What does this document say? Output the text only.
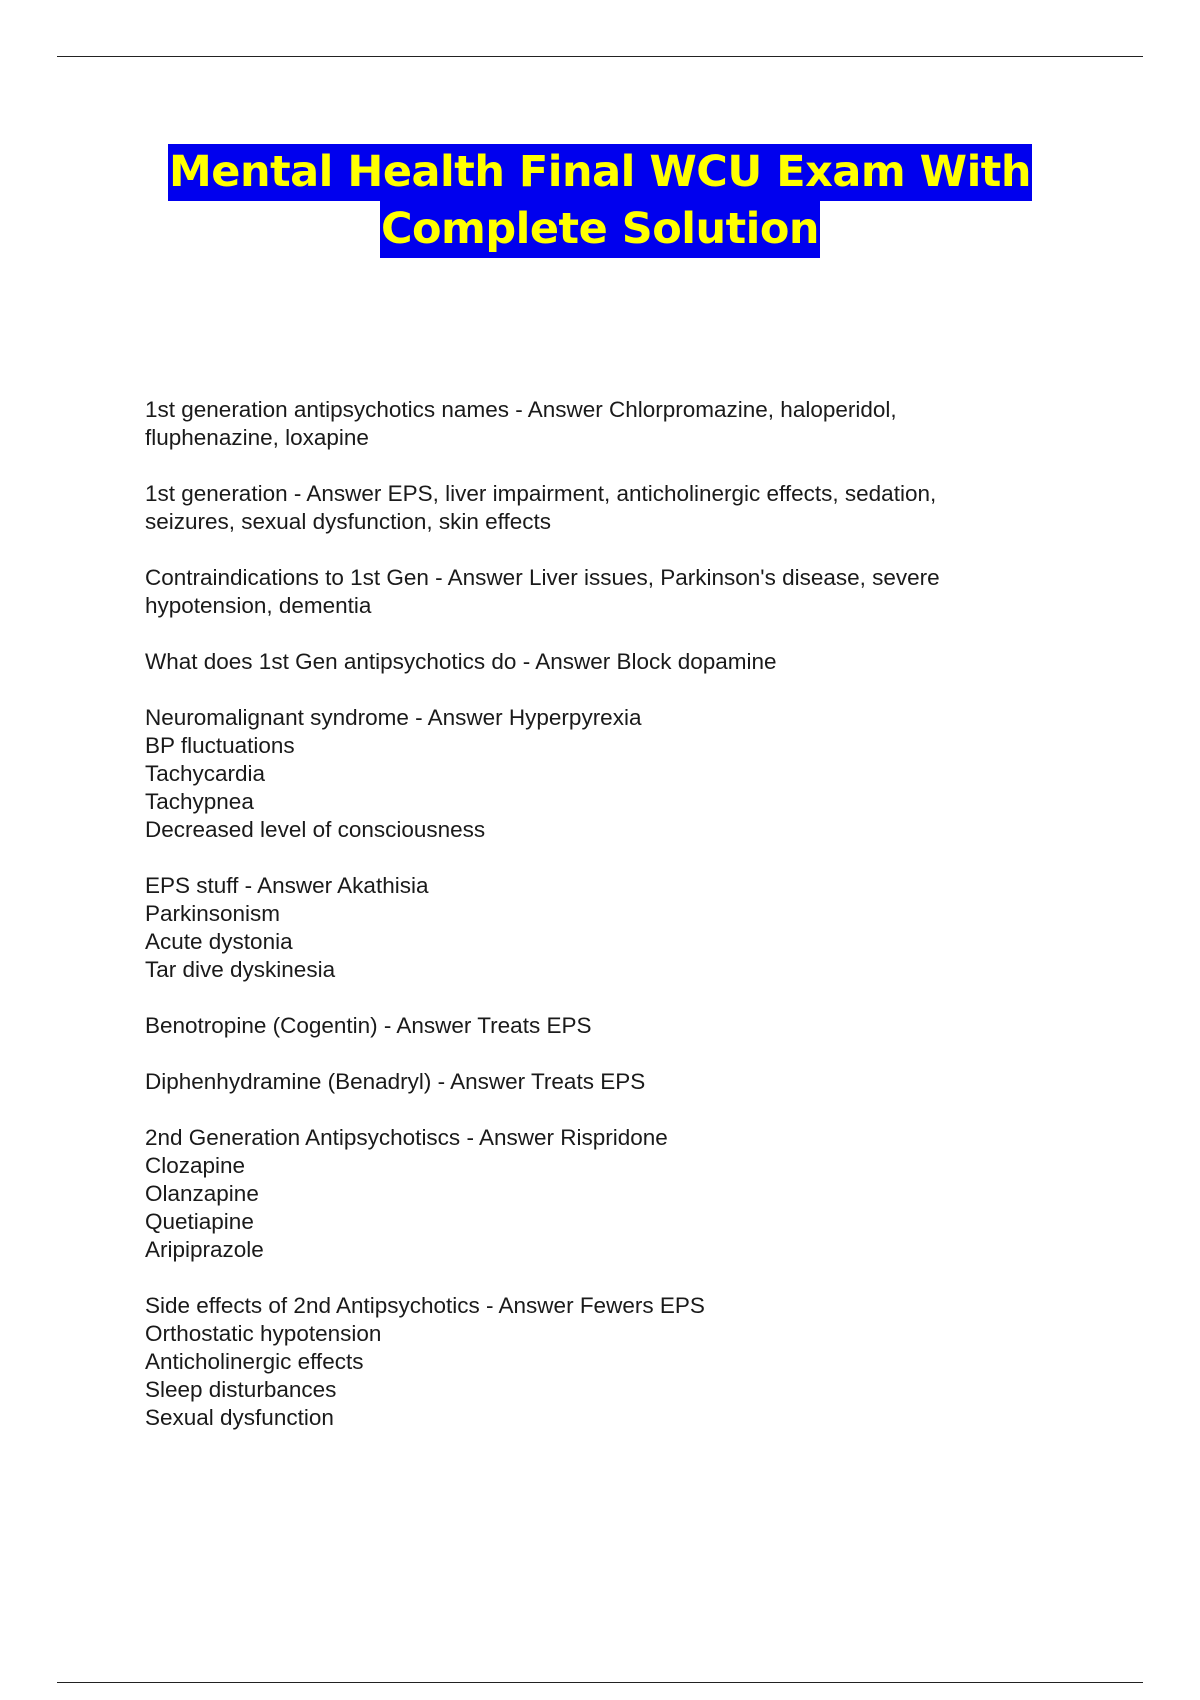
Mental Health Final WCU Exam With
Complete Solution
1st generation antipsychotics names - Answer Chlorpromazine, haloperidol,
fluphenazine, loxapine
1st generation - Answer EPS, liver impairment, anticholinergic effects, sedation,
seizures, sexual dysfunction, skin effects
Contraindications to 1st Gen - Answer Liver issues, Parkinson's disease, severe
hypotension, dementia
What does 1st Gen antipsychotics do - Answer Block dopamine
Neuromalignant syndrome - Answer Hyperpyrexia
BP fluctuations
Tachycardia
Tachypnea
Decreased level of consciousness
EPS stuff - Answer Akathisia
Parkinsonism
Acute dystonia
Tar dive dyskinesia
Benotropine (Cogentin) - Answer Treats EPS
Diphenhydramine (Benadryl) - Answer Treats EPS
2nd Generation Antipsychotiscs - Answer Rispridone
Clozapine
Olanzapine
Quetiapine
Aripiprazole
Side effects of 2nd Antipsychotics - Answer Fewers EPS
Orthostatic hypotension
Anticholinergic effects
Sleep disturbances
Sexual dysfunction
